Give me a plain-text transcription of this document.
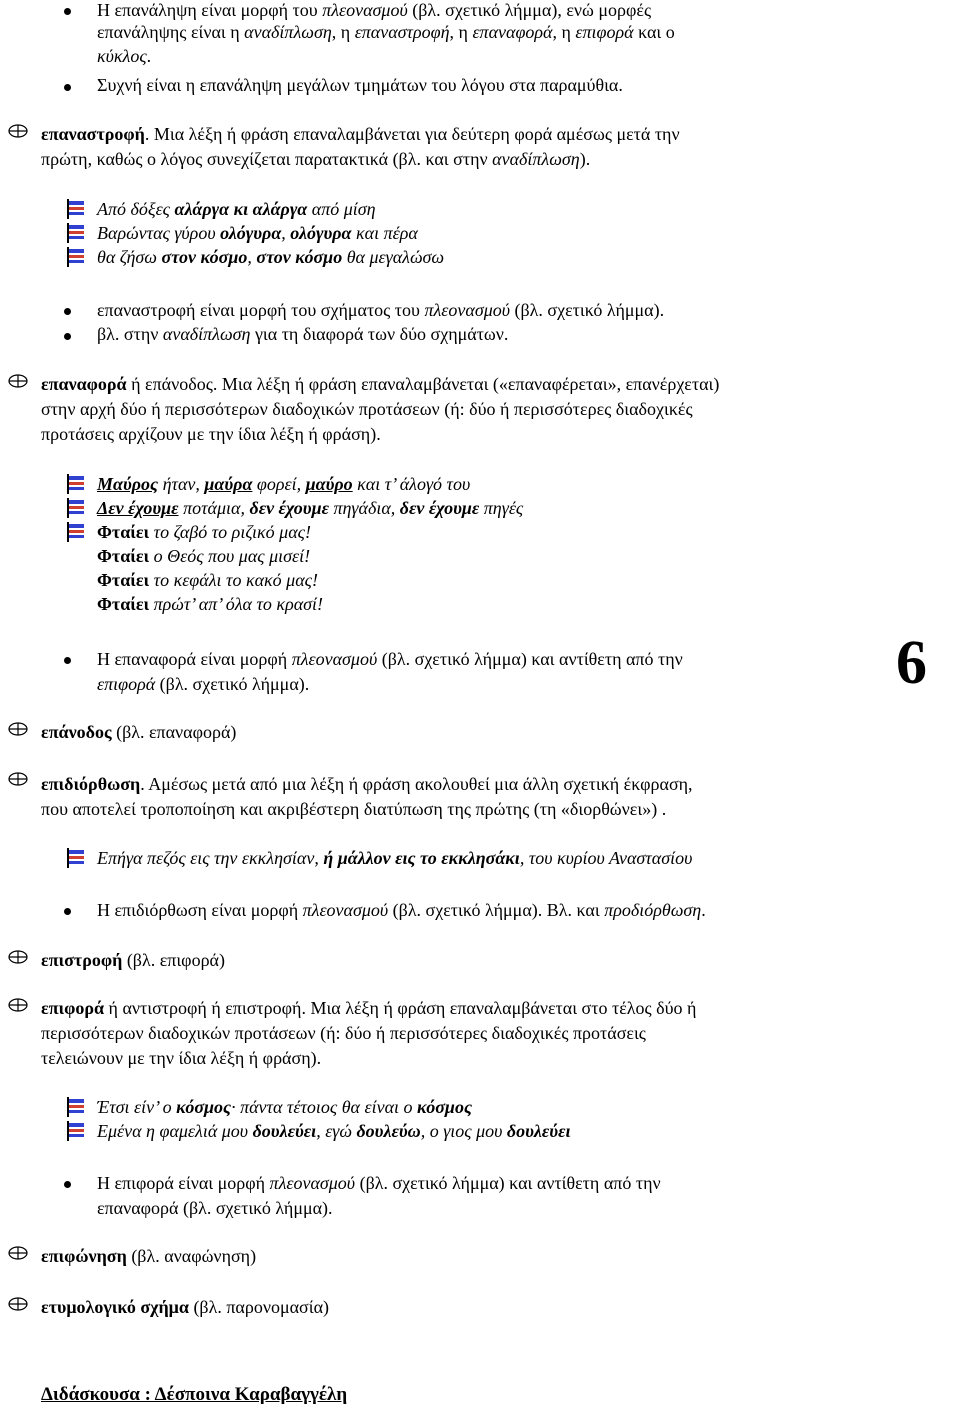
Η επανάληψη είναι μορφή του πλεονασμού (βλ. σχετικό λήμμα), ενώ μορφές
επανάληψης είναι η αναδίπλωση, η επαναστροφή, η επαναφορά, η επιφορά και ο
κύκλος.
Συχνή είναι η επανάληψη μεγάλων τμημάτων του λόγου στα παραμύθια.
επαναστροφή. Μια λέξη ή φράση επαναλαμβάνεται για δεύτερη φορά αμέσως μετά την
πρώτη, καθώς ο λόγος συνεχίζεται παρατακτικά (βλ. και στην αναδίπλωση).
Από δόξες αλάργα κι αλάργα από μίση
Βαρώντας γύρου ολόγυρα, ολόγυρα και πέρα
θα ζήσω στον κόσμο, στον κόσμο θα μεγαλώσω
επαναστροφή είναι μορφή του σχήματος του πλεονασμού (βλ. σχετικό λήμμα).
βλ. στην αναδίπλωση για τη διαφορά των δύο σχημάτων.
επαναφορά ή επάνοδος. Μια λέξη ή φράση επαναλαμβάνεται («επαναφέρεται», επανέρχεται)
στην αρχή δύο ή περισσότερων διαδοχικών προτάσεων (ή: δύο ή περισσότερες διαδοχικές
προτάσεις αρχίζουν με την ίδια λέξη ή φράση).
Μαύρος ήταν, μαύρα φορεί, μαύρο και τ’ άλογό του
Δεν έχουμε ποτάμια, δεν έχουμε πηγάδια, δεν έχουμε πηγές
Φταίει το ζαβό το ριζικό μας!
Φταίει ο Θεός που μας μισεί!
Φταίει το κεφάλι το κακό μας!
Φταίει πρώτ’ απ’ όλα το κρασί!
Η επαναφορά είναι μορφή πλεονασμού (βλ. σχετικό λήμμα) και αντίθετη από την
επιφορά (βλ. σχετικό λήμμα).	6
επάνοδος (βλ. επαναφορά)
επιδιόρθωση. Αμέσως μετά από μια λέξη ή φράση ακολουθεί μια άλλη σχετική έκφραση,
που αποτελεί τροποποίηση και ακριβέστερη διατύπωση της πρώτης (τη «διορθώνει») .
Επήγα πεζός εις την εκκλησίαν, ή μάλλον εις το εκκλησάκι, του κυρίου Αναστασίου
Η επιδιόρθωση είναι μορφή πλεονασμού (βλ. σχετικό λήμμα). Βλ. και προδιόρθωση.
επιστροφή (βλ. επιφορά)
επιφορά ή αντιστροφή ή επιστροφή. Μια λέξη ή φράση επαναλαμβάνεται στο τέλος δύο ή
περισσότερων διαδοχικών προτάσεων (ή: δύο ή περισσότερες διαδοχικές προτάσεις
τελειώνουν με την ίδια λέξη ή φράση).
Έτσι είν’ ο κόσμος· πάντα τέτοιος θα είναι ο κόσμος
Εμένα η φαμελιά μου δουλεύει, εγώ δουλεύω, ο γιος μου δουλεύει
Η επιφορά είναι μορφή πλεονασμού (βλ. σχετικό λήμμα) και αντίθετη από την
επαναφορά (βλ. σχετικό λήμμα).
επιφώνηση (βλ. αναφώνηση)
ετυμολογικό σχήμα (βλ. παρονομασία)
Διδάσκουσα : Δέσποινα Καραβαγγέλη
